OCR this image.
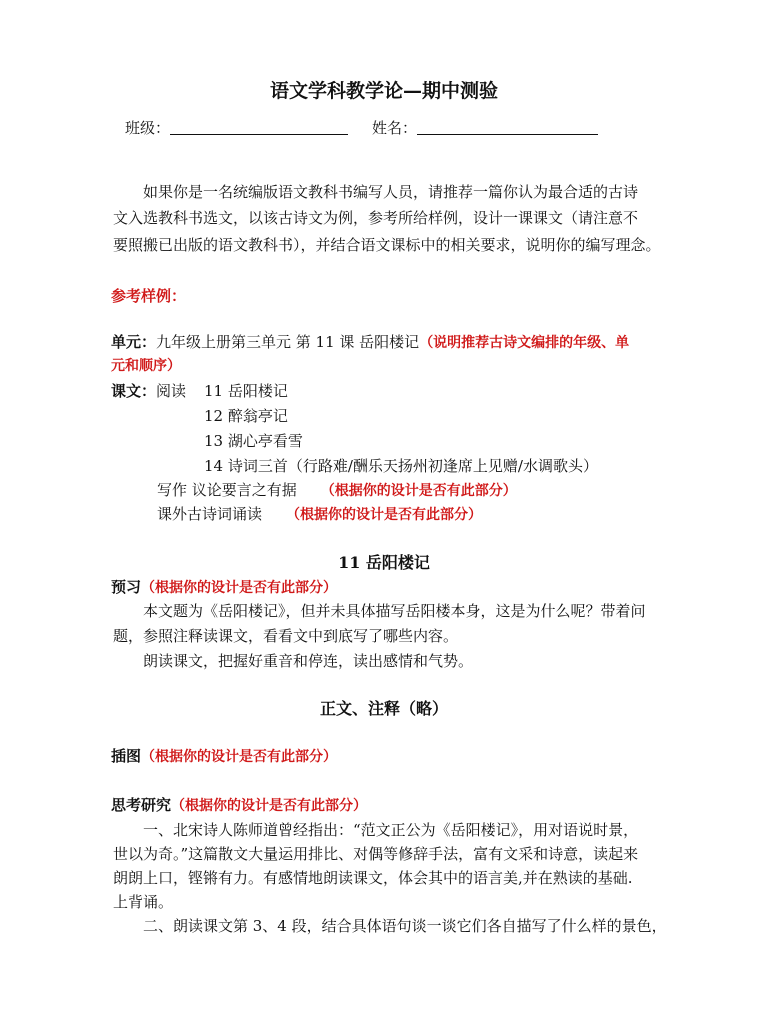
语文学科教学论—期中测验
班级：	姓名：
如果你是一名统编版语文教科书编写人员，请推荐一篇你认为最合适的古诗
文入选教科书选文，以该古诗文为例，参考所给样例，设计一课课文（请注意不
要照搬已出版的语文教科书），并结合语文课标中的相关要求，说明你的编写理念。
参考样例：
单元：九年级上册第三单元 第 11 课 岳阳楼记（说明推荐古诗文编排的年级、单
元和顺序）
课文：阅读 11 岳阳楼记
12 醉翁亭记
13 湖心亭看雪
14 诗词三首（行路难/酬乐天扬州初逢席上见赠/水调歌头）
写作 议论要言之有据 （根据你的设计是否有此部分）
课外古诗词诵读 （根据你的设计是否有此部分）
11 岳阳楼记
预习（根据你的设计是否有此部分）
本文题为《岳阳楼记》，但并未具体描写岳阳楼本身，这是为什么呢？带着问
题，参照注释读课文，看看文中到底写了哪些内容。
朗读课文，把握好重音和停连，读出感情和气势。
正文、注释（略）
插图（根据你的设计是否有此部分）
思考研究（根据你的设计是否有此部分）
一、北宋诗人陈师道曾经指出：“范文正公为《岳阳楼记》，用对语说时景，
世以为奇。”这篇散文大量运用排比、对偶等修辞手法，富有文采和诗意，读起来
朗朗上口，铿锵有力。有感情地朗读课文，体会其中的语言美,并在熟读的基础.
上背诵。
二、朗读课文第 3、4 段，结合具体语句谈一谈它们各自描写了什么样的景色，
